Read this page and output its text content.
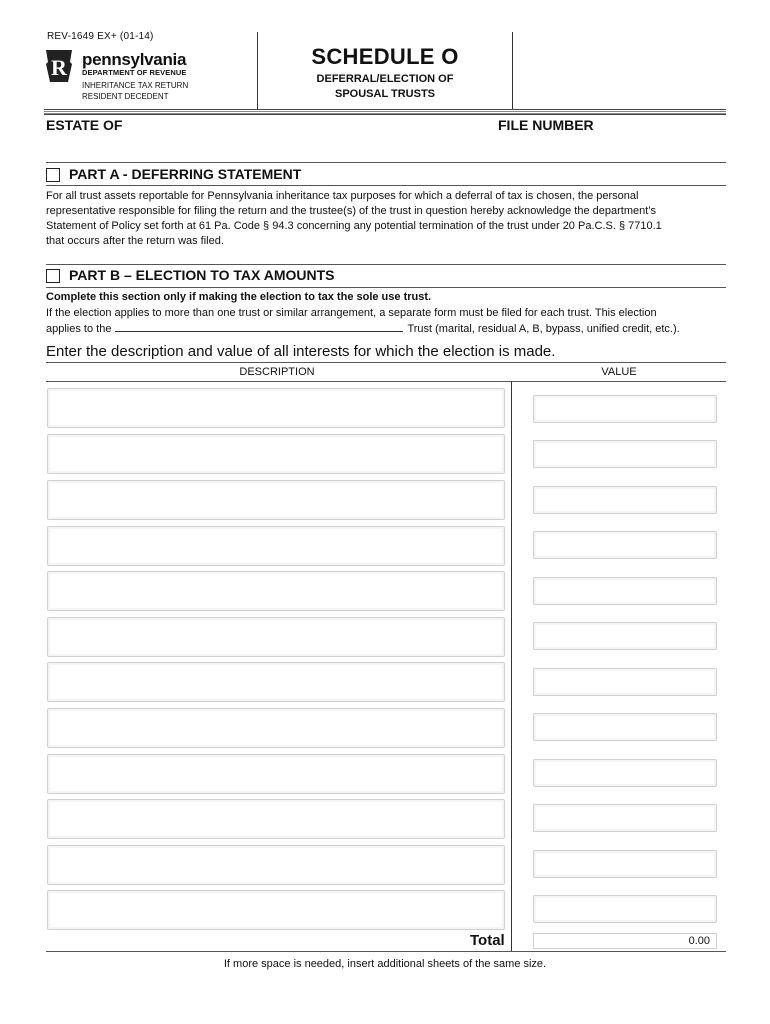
REV-1649 EX+ (01-14)
R pennsylvania
DEPARTMENT OF REVENUE
INHERITANCE TAX RETURN
RESIDENT DECEDENT
SCHEDULE O
DEFERRAL/ELECTION OF
SPOUSAL TRUSTS
ESTATE OF	FILE NUMBER
PART A - DEFERRING STATEMENT
For all trust assets reportable for Pennsylvania inheritance tax purposes for which a deferral of tax is chosen, the personal
representative responsible for filing the return and the trustee(s) of the trust in question hereby acknowledge the department’s
Statement of Policy set forth at 61 Pa. Code § 94.3 concerning any potential termination of the trust under 20 Pa.C.S. § 7710.1
that occurs after the return was filed.
PART B – ELECTION TO TAX AMOUNTS
Complete this section only if making the election to tax the sole use trust.
If the election applies to more than one trust or similar arrangement, a separate form must be filed for each trust. This election
applies to the	Trust (marital, residual A, B, bypass, unified credit, etc.).
Enter the description and value of all interests for which the election is made.
DESCRIPTION	VALUE
Total	0.00
If more space is needed, insert additional sheets of the same size.
